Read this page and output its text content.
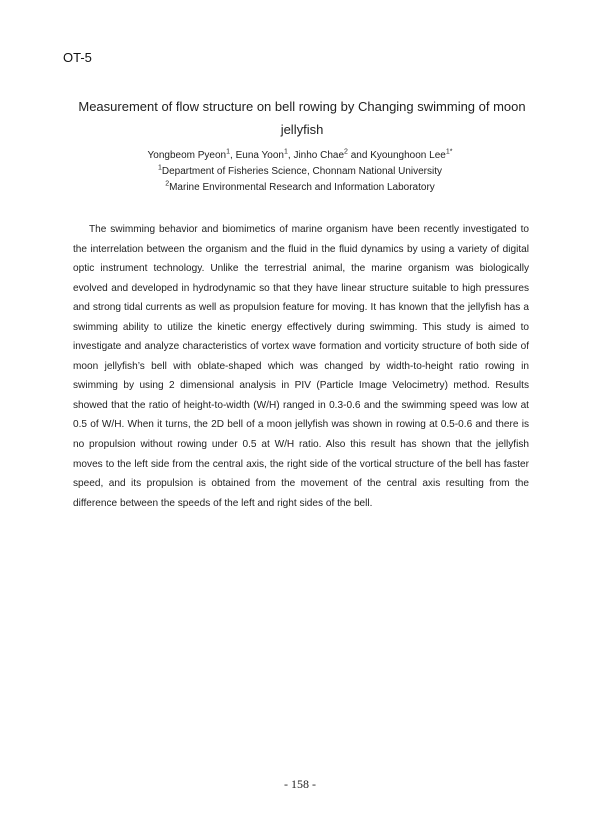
OT-5
Measurement of flow structure on bell rowing by Changing swimming of moon jellyfish
Yongbeom Pyeon$^1$, Euna Yoon$^1$, Jinho Chae$^2$ and Kyounghoon Lee$^{1*}$
$^1$Department of Fisheries Science, Chonnam National University
$^2$Marine Environmental Research and Information Laboratory

The swimming behavior and biomimetics of marine organism have been recently investigated to the interrelation between the organism and the fluid in the fluid dynamics by using a variety of digital optic instrument technology. Unlike the terrestrial animal, the marine organism was biologically evolved and developed in hydrodynamic so that they have linear structure suitable to high pressures and strong tidal currents as well as propulsion feature for moving. It has known that the jellyfish has a swimming ability to utilize the kinetic energy effectively during swimming. This study is aimed to investigate and analyze characteristics of vortex wave formation and vorticity structure of both side of moon jellyfish’s bell with oblate-shaped which was changed by width-to-height ratio rowing in swimming by using 2 dimensional analysis in PIV (Particle Image Velocimetry) method. Results showed that the ratio of height-to-width (W/H) ranged in 0.3-0.6 and the swimming speed was low at 0.5 of W/H. When it turns, the 2D bell of a moon jellyfish was shown in rowing at 0.5-0.6 and there is no propulsion without rowing under 0.5 at W/H ratio. Also this result has shown that the jellyfish moves to the left side from the central axis, the right side of the vortical structure of the bell has faster speed, and its propulsion is obtained from the movement of the central axis resulting from the difference between the speeds of the left and right sides of the bell.

- 158 -
